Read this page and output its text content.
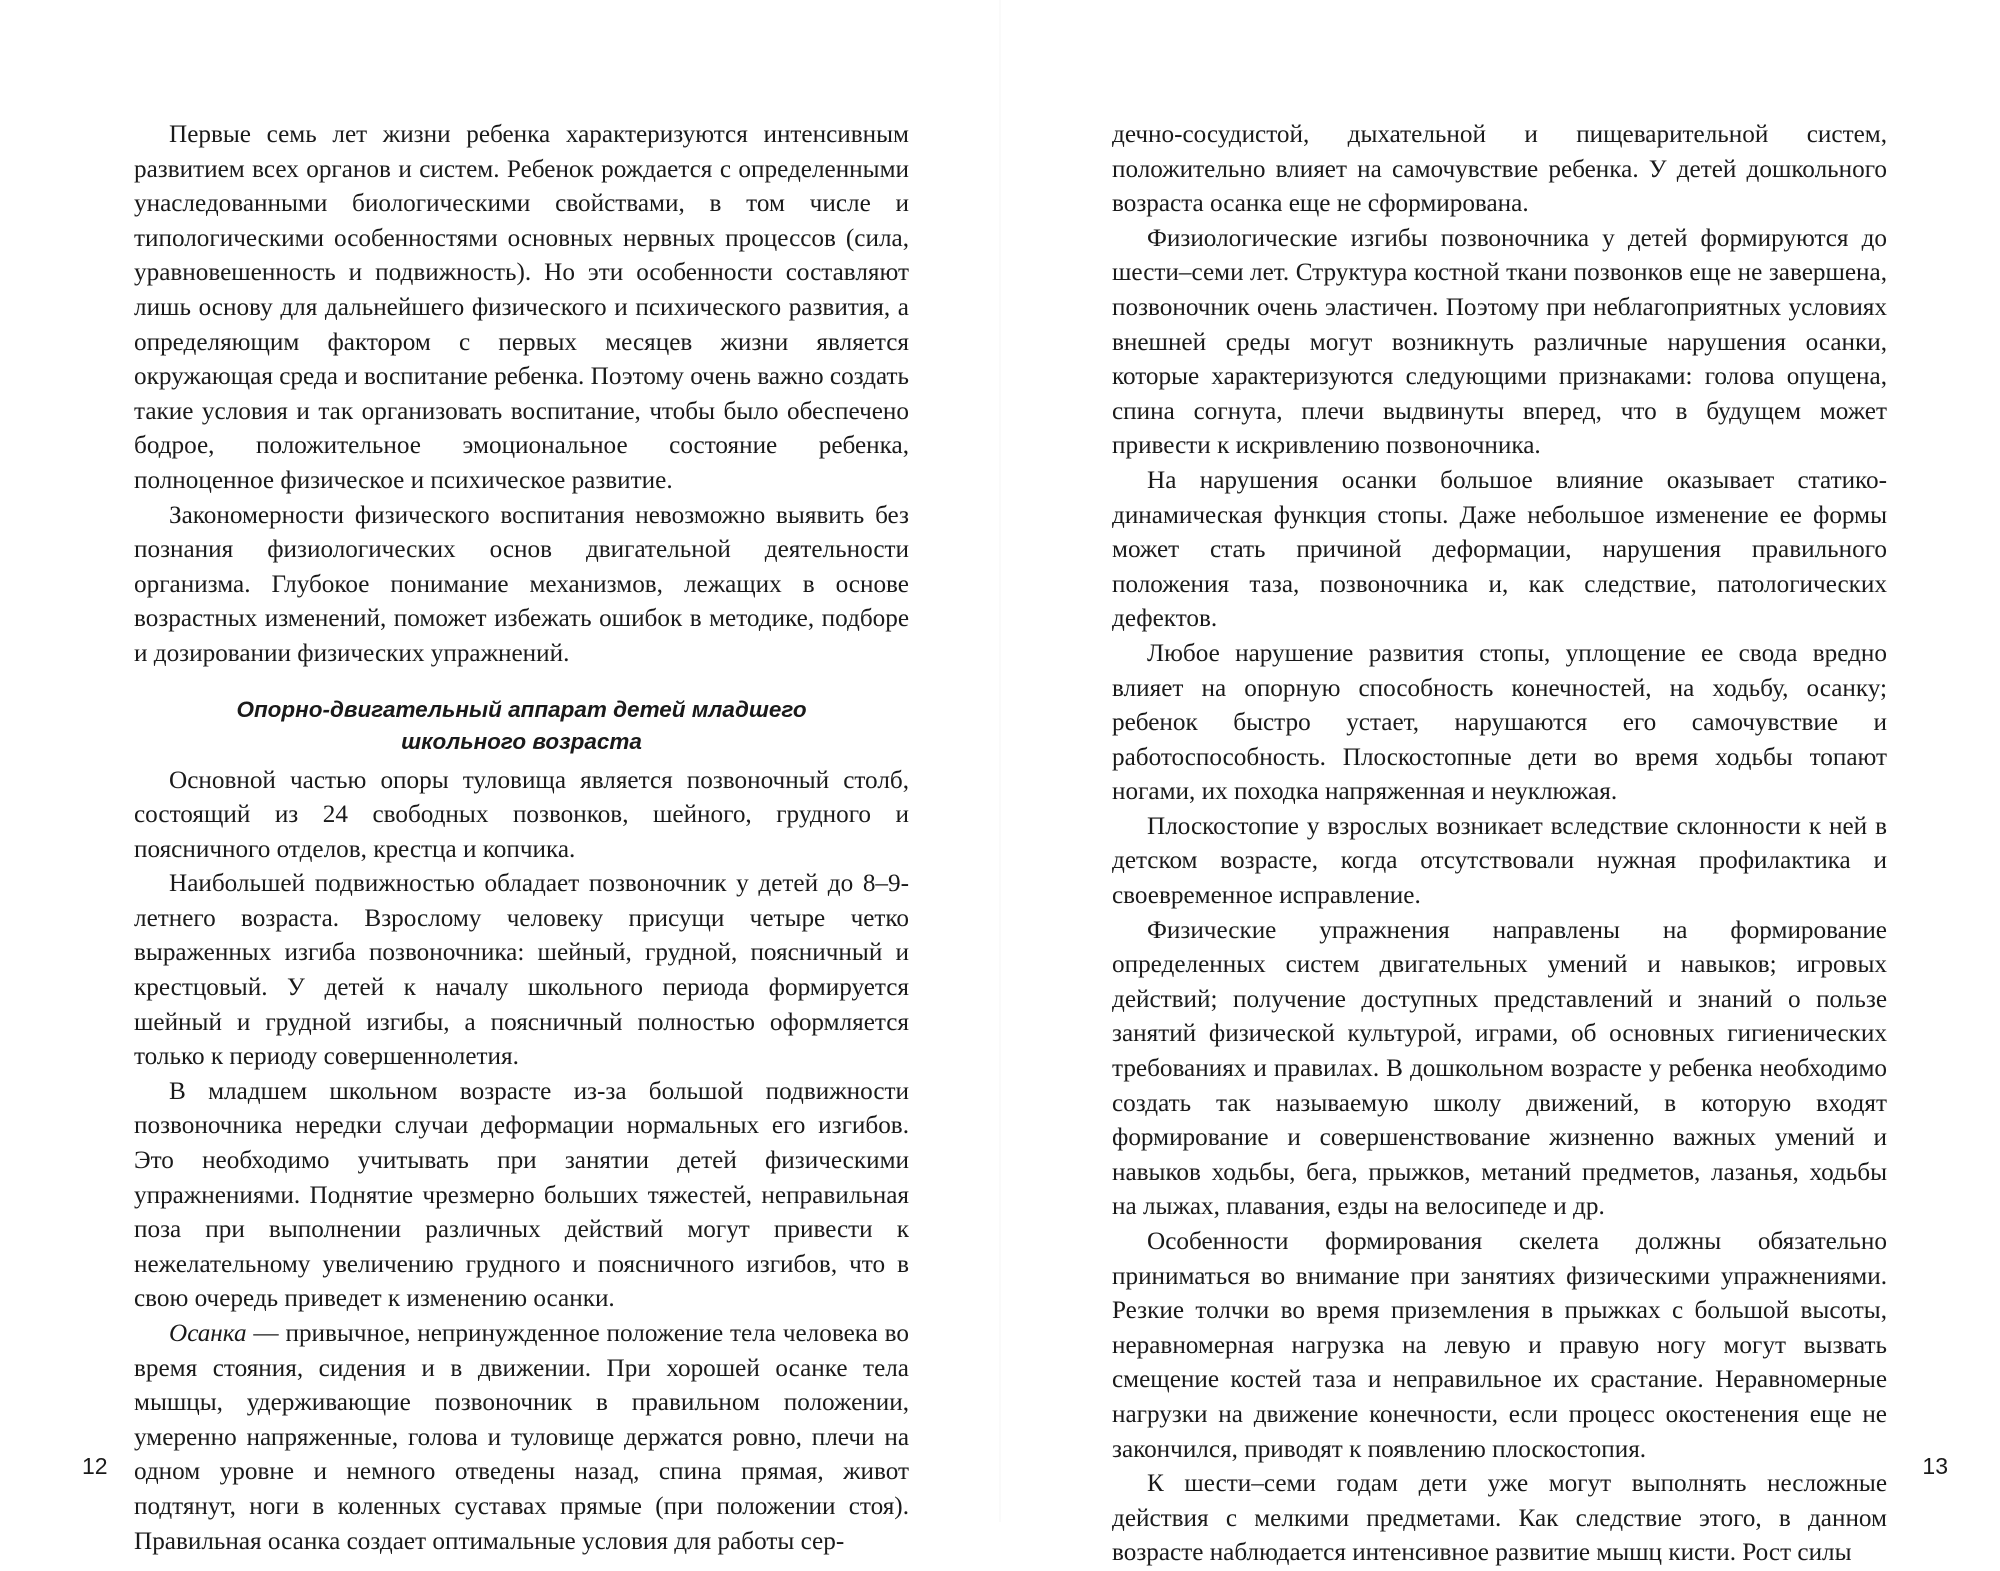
Первые семь лет жизни ребенка характеризуются интенсивным развитием всех органов и систем. Ребенок рождается с определенными унаследованными биологическими свойствами, в том числе и типологическими особенностями основных нервных процессов (сила, уравновешенность и подвижность). Но эти особенности составляют лишь основу для дальнейшего физического и психического развития, а определяющим фактором с первых месяцев жизни является окружающая среда и воспитание ребенка. Поэтому очень важно создать такие условия и так организовать воспитание, чтобы было обеспечено бодрое, положительное эмоциональное состояние ребенка, полноценное физическое и психическое развитие.

Закономерности физического воспитания невозможно выявить без познания физиологических основ двигательной деятельности организма. Глубокое понимание механизмов, лежащих в основе возрастных изменений, поможет избежать ошибок в методике, подборе и дозировании физических упражнений.

Опорно-двигательный аппарат детей младшего
школьного возраста

Основной частью опоры туловища является позвоночный столб, состоящий из 24 свободных позвонков, шейного, грудного и поясничного отделов, крестца и копчика.

Наибольшей подвижностью обладает позвоночник у детей до 8–9-летнего возраста. Взрослому человеку присущи четыре четко выраженных изгиба позвоночника: шейный, грудной, поясничный и крестцовый. У детей к началу школьного периода формируется шейный и грудной изгибы, а поясничный полностью оформляется только к периоду совершеннолетия.

В младшем школьном возрасте из-за большой подвижности позвоночника нередки случаи деформации нормальных его изгибов. Это необходимо учитывать при занятии детей физическими упражнениями. Поднятие чрезмерно больших тяжестей, неправильная поза при выполнении различных действий могут привести к нежелательному увеличению грудного и поясничного изгибов, что в свою очередь приведет к изменению осанки.

Осанка — привычное, непринужденное положение тела человека во время стояния, сидения и в движении. При хорошей осанке тела мышцы, удерживающие позвоночник в правильном положении, умеренно напряженные, голова и туловище держатся ровно, плечи на одном уровне и немного отведены назад, спина прямая, живот подтянут, ноги в коленных суставах прямые (при положении стоя). Правильная осанка создает оптимальные условия для работы сер-

12

дечно-сосудистой, дыхательной и пищеварительной систем, положительно влияет на самочувствие ребенка. У детей дошкольного возраста осанка еще не сформирована.

Физиологические изгибы позвоночника у детей формируются до шести–семи лет. Структура костной ткани позвонков еще не завершена, позвоночник очень эластичен. Поэтому при неблагоприятных условиях внешней среды могут возникнуть различные нарушения осанки, которые характеризуются следующими признаками: голова опущена, спина согнута, плечи выдвинуты вперед, что в будущем может привести к искривлению позвоночника.

На нарушения осанки большое влияние оказывает статико-динамическая функция стопы. Даже небольшое изменение ее формы может стать причиной деформации, нарушения правильного положения таза, позвоночника и, как следствие, патологических дефектов.

Любое нарушение развития стопы, уплощение ее свода вредно влияет на опорную способность конечностей, на ходьбу, осанку; ребенок быстро устает, нарушаются его самочувствие и работоспособность. Плоскостопные дети во время ходьбы топают ногами, их походка напряженная и неуклюжая.

Плоскостопие у взрослых возникает вследствие склонности к ней в детском возрасте, когда отсутствовали нужная профилактика и своевременное исправление.

Физические упражнения направлены на формирование определенных систем двигательных умений и навыков; игровых действий; получение доступных представлений и знаний о пользе занятий физической культурой, играми, об основных гигиенических требованиях и правилах. В дошкольном возрасте у ребенка необходимо создать так называемую школу движений, в которую входят формирование и совершенствование жизненно важных умений и навыков ходьбы, бега, прыжков, метаний предметов, лазанья, ходьбы на лыжах, плавания, езды на велосипеде и др.

Особенности формирования скелета должны обязательно приниматься во внимание при занятиях физическими упражнениями. Резкие толчки во время приземления в прыжках с большой высоты, неравномерная нагрузка на левую и правую ногу могут вызвать смещение костей таза и неправильное их срастание. Неравномерные нагрузки на движение конечности, если процесс окостенения еще не закончился, приводят к появлению плоскостопия.

К шести–семи годам дети уже могут выполнять несложные действия с мелкими предметами. Как следствие этого, в данном возрасте наблюдается интенсивное развитие мышц кисти. Рост силы

13
